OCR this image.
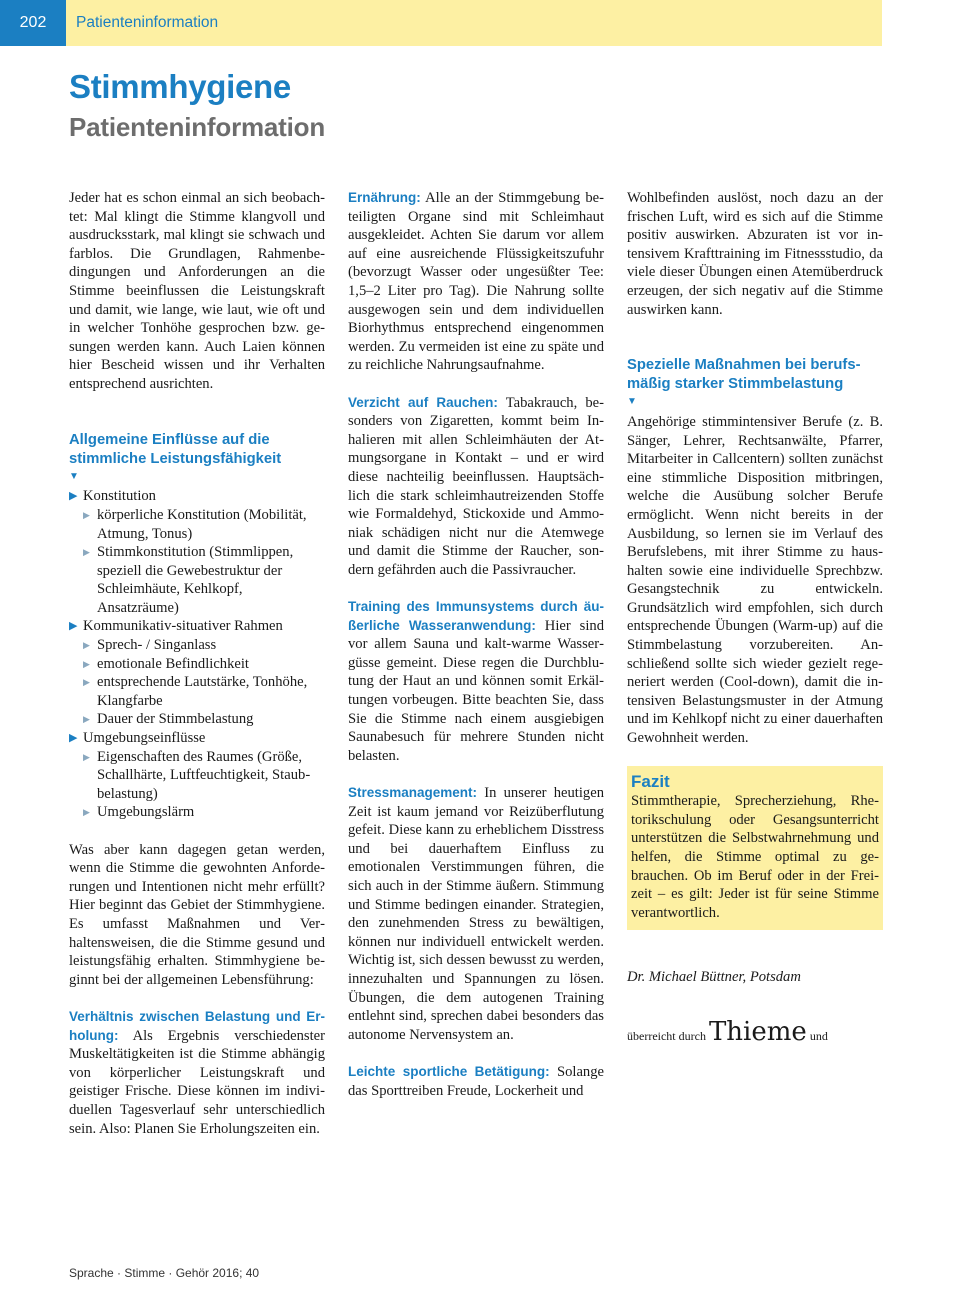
202	Patienteninformation
Stimmhygiene
Patienteninformation

Jeder hat es schon einmal an sich beobachtet: Mal klingt die Stimme klangvoll und ausdrucksstark, mal klingt sie schwach und farblos. Die Grundlagen, Rahmenbedingungen und Anforderungen an die Stimme beeinflussen die Leistungskraft und damit, wie lange, wie laut, wie oft und in welcher Tonhöhe gesprochen bzw. gesungen werden kann. Auch Laien können hier Bescheid wissen und ihr Verhalten entsprechend ausrichten.

Allgemeine Einflüsse auf die stimmliche Leistungsfähigkeit
▼
▶ Konstitution
▶ körperliche Konstitution (Mobilität, Atmung, Tonus)
▶ Stimmkonstitution (Stimmlippen, speziell die Gewebestruktur der Schleimhäute, Kehlkopf, Ansatzräume)
▶ Kommunikativ-situativer Rahmen
▶ Sprech- / Singanlass
▶ emotionale Befindlichkeit
▶ entsprechende Lautstärke, Tonhöhe, Klangfarbe
▶ Dauer der Stimmbelastung
▶ Umgebungseinflüsse
▶ Eigenschaften des Raumes (Größe, Schallhärte, Luftfeuchtigkeit, Staubbelastung)
▶ Umgebungslärm

Was aber kann dagegen getan werden, wenn die Stimme die gewohnten Anforderungen und Intentionen nicht mehr erfüllt? Hier beginnt das Gebiet der Stimmhygiene. Es umfasst Maßnahmen und Verhaltensweisen, die die Stimme gesund und leistungsfähig erhalten. Stimmhygiene beginnt bei der allgemeinen Lebensführung:

Verhältnis zwischen Belastung und Erholung: Als Ergebnis verschiedenster Muskeltätigkeiten ist die Stimme abhängig von körperlicher Leistungskraft und geistiger Frische. Diese können im individuellen Tagesverlauf sehr unterschiedlich sein. Also: Planen Sie Erholungszeiten ein.

Ernährung: Alle an der Stimmgebung beteiligten Organe sind mit Schleimhaut ausgekleidet. Achten Sie darum vor allem auf eine ausreichende Flüssigkeitszufuhr (bevorzugt Wasser oder ungesüßter Tee: 1,5–2 Liter pro Tag). Die Nahrung sollte ausgewogen sein und dem individuellen Biorhythmus entsprechend eingenommen werden. Zu vermeiden ist eine zu späte und zu reichliche Nahrungsaufnahme.

Verzicht auf Rauchen: Tabakrauch, besonders von Zigaretten, kommt beim Inhalieren mit allen Schleimhäuten der Atmungsorgane in Kontakt – und er wird diese nachteilig beeinflussen. Hauptsächlich die stark schleimhautreizenden Stoffe wie Formaldehyd, Stickoxide und Ammoniak schädigen nicht nur die Atemwege und damit die Stimme der Raucher, sondern gefährden auch die Passivraucher.

Training des Immunsystems durch äußerliche Wasseranwendung: Hier sind vor allem Sauna und kalt-warme Wassergüsse gemeint. Diese regen die Durchblutung der Haut an und können somit Erkältungen vorbeugen. Bitte beachten Sie, dass Sie die Stimme nach einem ausgiebigen Saunabesuch für mehrere Stunden nicht belasten.

Stressmanagement: In unserer heutigen Zeit ist kaum jemand vor Reizüberflutung gefeit. Diese kann zu erheblichem Disstress und bei dauerhaftem Einfluss zu emotionalen Verstimmungen führen, die sich auch in der Stimme äußern. Stimmung und Stimme bedingen einander. Strategien, den zunehmenden Stress zu bewältigen, können nur individuell entwickelt werden. Wichtig ist, sich dessen bewusst zu werden, innezuhalten und Spannungen zu lösen. Übungen, die dem autogenen Training entlehnt sind, sprechen dabei besonders das autonome Nervensystem an.

Leichte sportliche Betätigung: Solange das Sporttreiben Freude, Lockerheit und

Wohlbefinden auslöst, noch dazu an der frischen Luft, wird es sich auf die Stimme positiv auswirken. Abzuraten ist vor intensivem Krafttraining im Fitnessstudio, da viele dieser Übungen einen Atemüberdruck erzeugen, der sich negativ auf die Stimme auswirken kann.

Spezielle Maßnahmen bei berufsmäßig starker Stimmbelastung
▼

Angehörige stimmintensiver Berufe (z. B. Sänger, Lehrer, Rechtsanwälte, Pfarrer, Mitarbeiter in Callcentern) sollten zunächst eine stimmliche Disposition mitbringen, welche die Ausübung solcher Berufe ermöglicht. Wenn nicht bereits in der Ausbildung, so lernen sie im Verlauf des Berufslebens, mit ihrer Stimme zu haushalten sowie eine individuelle Sprechbzw. Gesangstechnik zu entwickeln. Grundsätzlich wird empfohlen, sich durch entsprechende Übungen (Warm-up) auf die Stimmbelastung vorzubereiten. Anschließend sollte sich wieder gezielt regeneriert werden (Cool-down), damit die intensiven Belastungsmuster in der Atmung und im Kehlkopf nicht zu einer dauerhaften Gewohnheit werden.

Fazit

Stimmtherapie, Sprecherziehung, Rhetorikschulung oder Gesangsunterricht unterstützen die Selbstwahrnehmung und helfen, die Stimme optimal zu gebrauchen. Ob im Beruf oder in der Freizeit – es gilt: Jeder ist für seine Stimme verantwortlich.

Dr. Michael Büttner, Potsdam
überreicht durch Thieme und
Sprache · Stimme · Gehör 2016; 40
